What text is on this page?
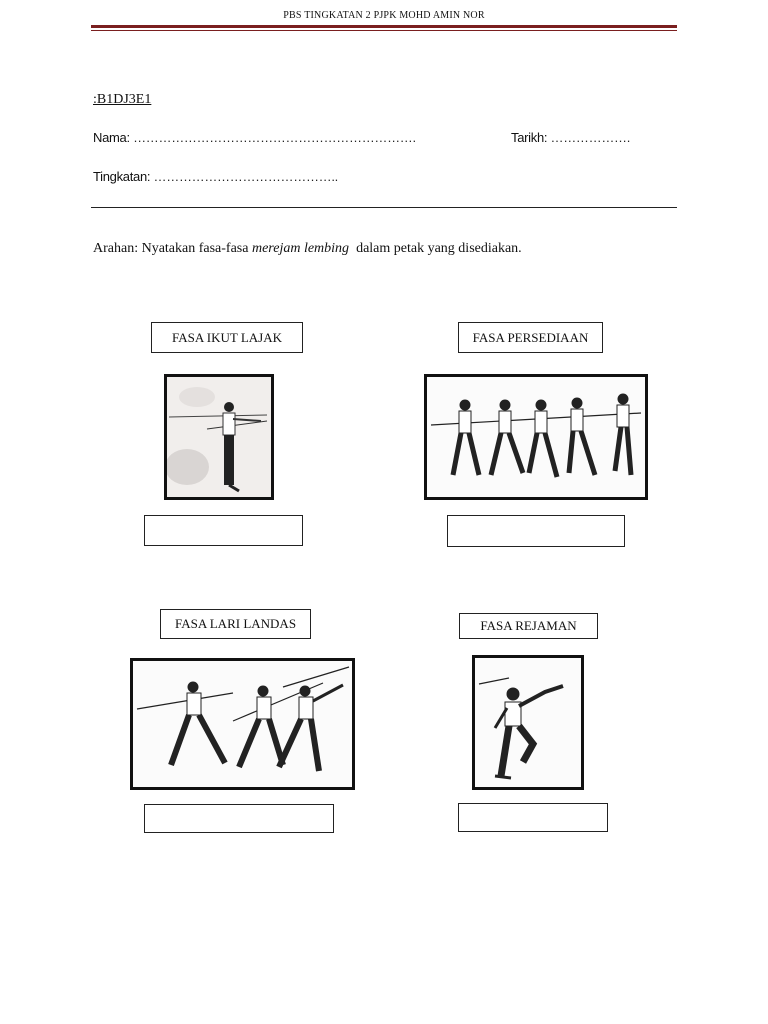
PBS TINGKATAN 2 PJPK MOHD AMIN NOR
:B1DJ3E1
Nama: ………………………………………………………….	Tarikh: ……………….
Tingkatan: ……………………………………..
Arahan: Nyatakan fasa-fasa merejam lembing dalam petak yang disediakan.
FASA IKUT LAJAK	FASA PERSEDIAAN
FASA LARI LANDAS	FASA REJAMAN
